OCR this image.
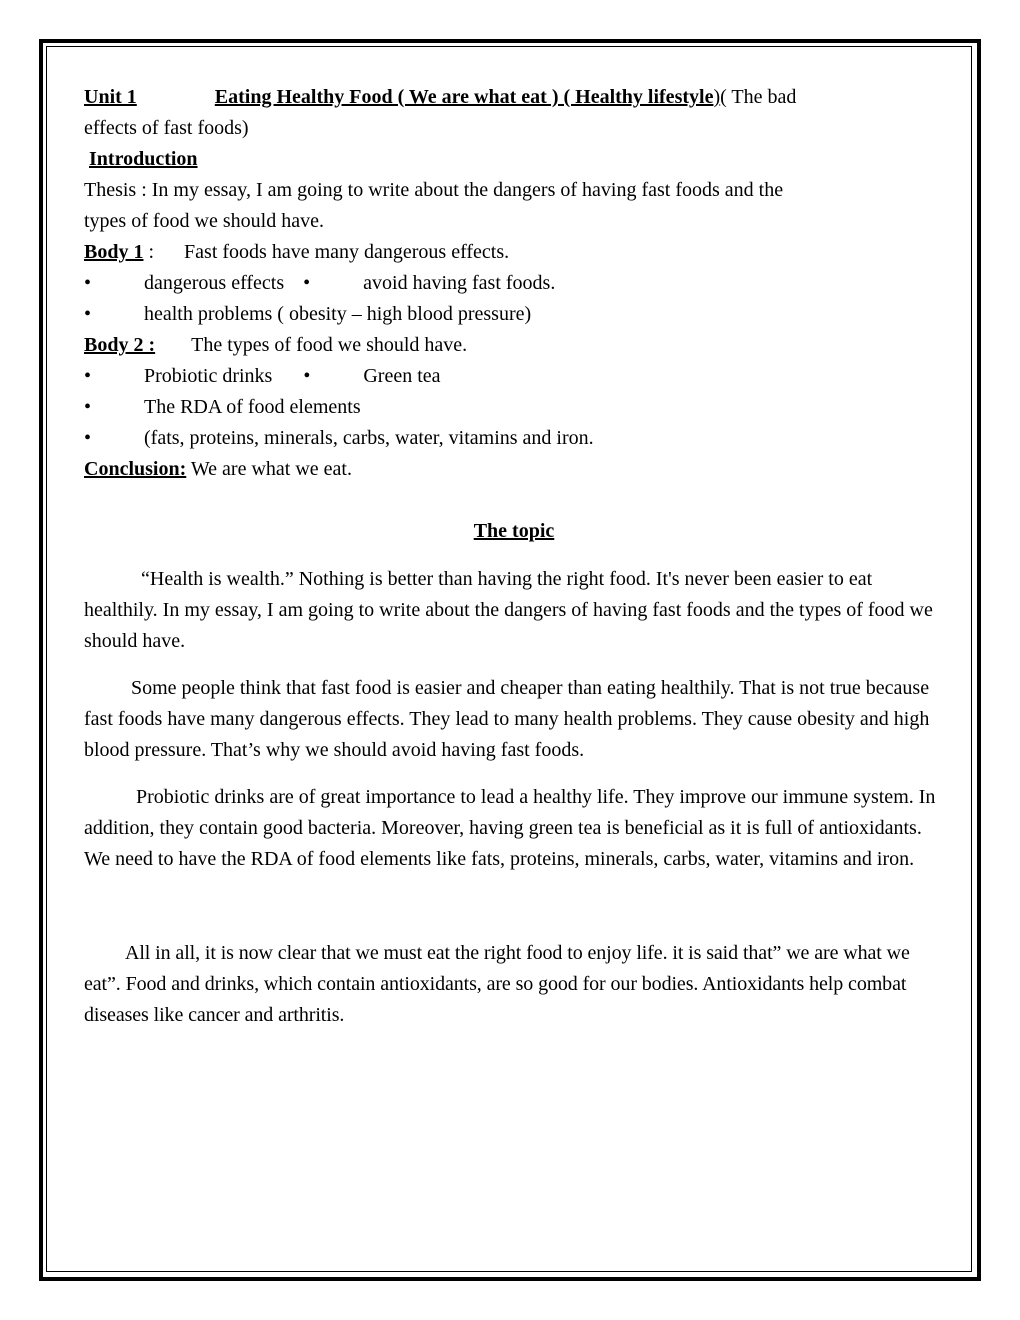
Unit 1	Eating Healthy Food ( We are what eat ) ( Healthy lifestyle)( The bad

effects of fast foods)

Introduction

Thesis : In my essay, I am going to write about the dangers of having fast foods and the

types of food we should have.

Body 1 : Fast foods have many dangerous effects.

•	dangerous effects •	avoid having fast foods.

•	health problems ( obesity – high blood pressure)

Body 2 : The types of food we should have.

•	Probiotic drinks •	Green tea

•	The RDA of food elements

•	(fats, proteins, minerals, carbs, water, vitamins and iron.

Conclusion: We are what we eat.

The topic

“Health is wealth.” Nothing is better than having the right food. It's never been easier to eat healthily. In my essay, I am going to write about the dangers of having fast foods and the types of food we should have.

Some people think that fast food is easier and cheaper than eating healthily. That is not true because fast foods have many dangerous effects. They lead to many health problems. They cause obesity and high blood pressure. That’s why we should avoid having fast foods.

Probiotic drinks are of great importance to lead a healthy life. They improve our immune system. In addition, they contain good bacteria. Moreover, having green tea is beneficial as it is full of antioxidants. We need to have the RDA of food elements like fats, proteins, minerals, carbs, water, vitamins and iron.

All in all, it is now clear that we must eat the right food to enjoy life. it is said that” we are what we eat”. Food and drinks, which contain antioxidants, are so good for our bodies. Antioxidants help combat diseases like cancer and arthritis.
